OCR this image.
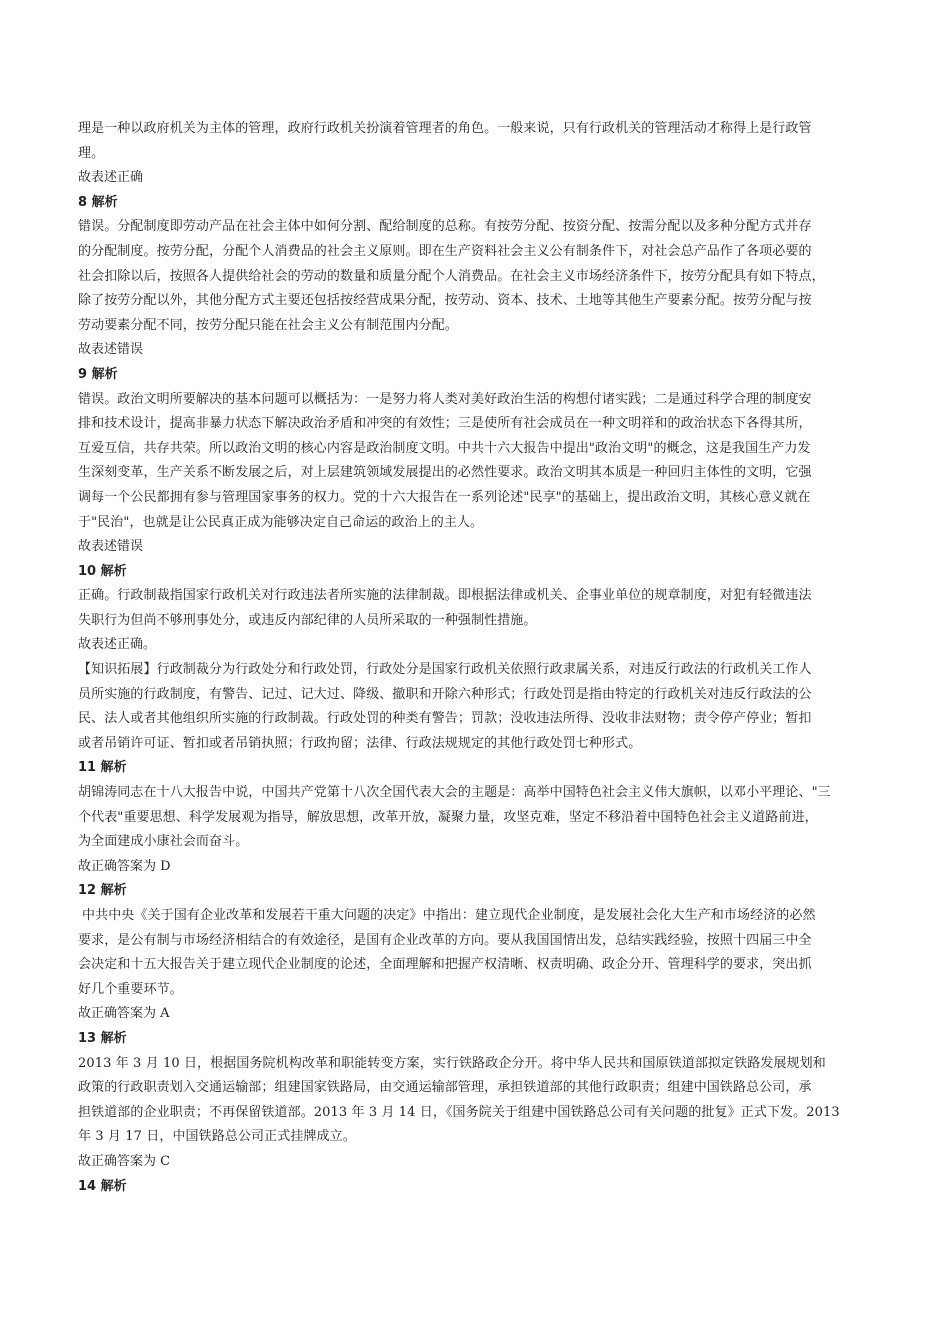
理是一种以政府机关为主体的管理，政府行政机关扮演着管理者的角色。一般来说，只有行政机关的管理活动才称得上是行政管
理。
故表述正确
8 解析
错误。分配制度即劳动产品在社会主体中如何分割、配给制度的总称。有按劳分配、按资分配、按需分配以及多种分配方式并存
的分配制度。按劳分配，分配个人消费品的社会主义原则。即在生产资料社会主义公有制条件下，对社会总产品作了各项必要的
社会扣除以后，按照各人提供给社会的劳动的数量和质量分配个人消费品。在社会主义市场经济条件下，按劳分配具有如下特点，
除了按劳分配以外，其他分配方式主要还包括按经营成果分配，按劳动、资本、技术、土地等其他生产要素分配。按劳分配与按
劳动要素分配不同，按劳分配只能在社会主义公有制范围内分配。
故表述错误
9 解析
错误。政治文明所要解决的基本问题可以概括为：一是努力将人类对美好政治生活的构想付诸实践；二是通过科学合理的制度安
排和技术设计，提高非暴力状态下解决政治矛盾和冲突的有效性；三是使所有社会成员在一种文明祥和的政治状态下各得其所，
互爱互信，共存共荣。所以政治文明的核心内容是政治制度文明。中共十六大报告中提出"政治文明"的概念，这是我国生产力发
生深刻变革，生产关系不断发展之后，对上层建筑领域发展提出的必然性要求。政治文明其本质是一种回归主体性的文明，它强
调每一个公民都拥有参与管理国家事务的权力。党的十六大报告在一系列论述"民享"的基础上，提出政治文明，其核心意义就在
于"民治"，也就是让公民真正成为能够决定自己命运的政治上的主人。
故表述错误
10 解析
正确。行政制裁指国家行政机关对行政违法者所实施的法律制裁。即根据法律或机关、企事业单位的规章制度，对犯有轻微违法
失职行为但尚不够刑事处分，或违反内部纪律的人员所采取的一种强制性措施。
故表述正确。
【知识拓展】行政制裁分为行政处分和行政处罚，行政处分是国家行政机关依照行政隶属关系，对违反行政法的行政机关工作人
员所实施的行政制度，有警告、记过、记大过、降级、撤职和开除六种形式；行政处罚是指由特定的行政机关对违反行政法的公
民、法人或者其他组织所实施的行政制裁。行政处罚的种类有警告；罚款；没收违法所得、没收非法财物；责令停产停业；暂扣
或者吊销许可证、暂扣或者吊销执照；行政拘留；法律、行政法规规定的其他行政处罚七种形式。
11 解析
胡锦涛同志在十八大报告中说，中国共产党第十八次全国代表大会的主题是：高举中国特色社会主义伟大旗帜，以邓小平理论、"三
个代表"重要思想、科学发展观为指导，解放思想，改革开放，凝聚力量，攻坚克难，坚定不移沿着中国特色社会主义道路前进，
为全面建成小康社会而奋斗。
故正确答案为 D
12 解析
中共中央《关于国有企业改革和发展若干重大问题的决定》中指出：建立现代企业制度，是发展社会化大生产和市场经济的必然
要求，是公有制与市场经济相结合的有效途径，是国有企业改革的方向。要从我国国情出发，总结实践经验，按照十四届三中全
会决定和十五大报告关于建立现代企业制度的论述，全面理解和把握产权清晰、权责明确、政企分开、管理科学的要求，突出抓
好几个重要环节。
故正确答案为 A
13 解析
2013 年 3 月 10 日，根据国务院机构改革和职能转变方案，实行铁路政企分开。将中华人民共和国原铁道部拟定铁路发展规划和
政策的行政职责划入交通运输部；组建国家铁路局，由交通运输部管理，承担铁道部的其他行政职责；组建中国铁路总公司，承
担铁道部的企业职责；不再保留铁道部。2013 年 3 月 14 日，《国务院关于组建中国铁路总公司有关问题的批复》正式下发。2013
年 3 月 17 日，中国铁路总公司正式挂牌成立。
故正确答案为 C
14 解析
